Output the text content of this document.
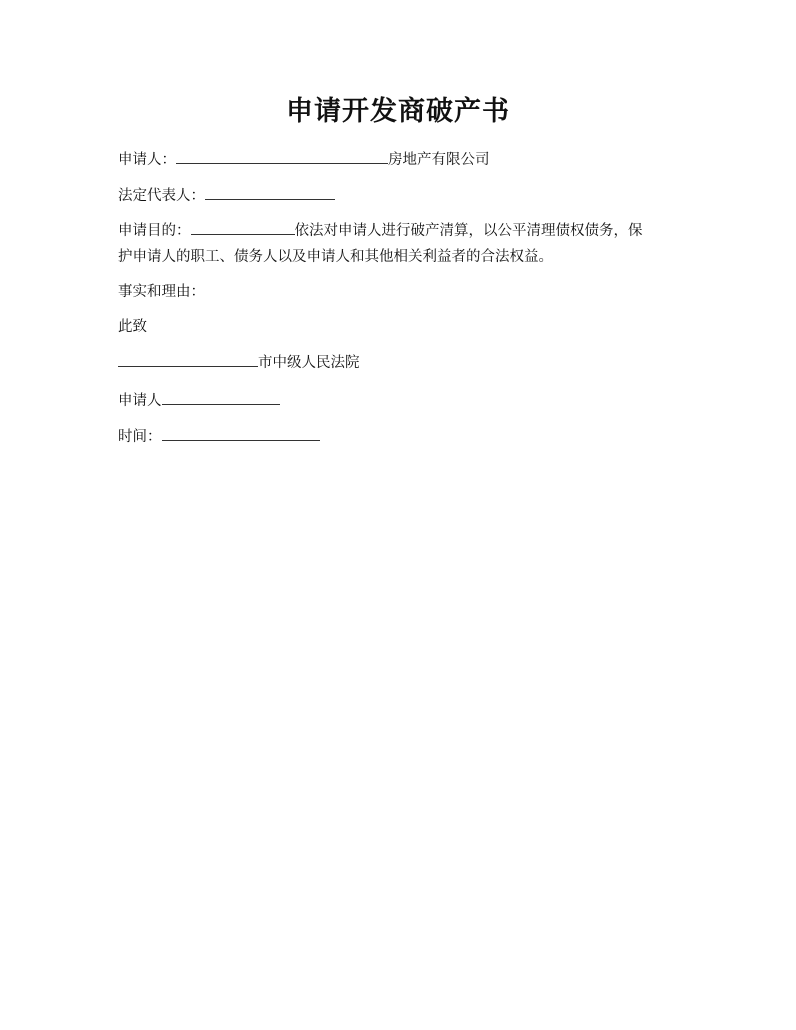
申请开发商破产书
申请人：	房地产有限公司
法定代表人：
申请目的：	依法对申请人进行破产清算，以公平清理债权债务，保
护申请人的职工、债务人以及申请人和其他相关利益者的合法权益。
事实和理由：
此致
市中级人民法院
申请人
时间：
